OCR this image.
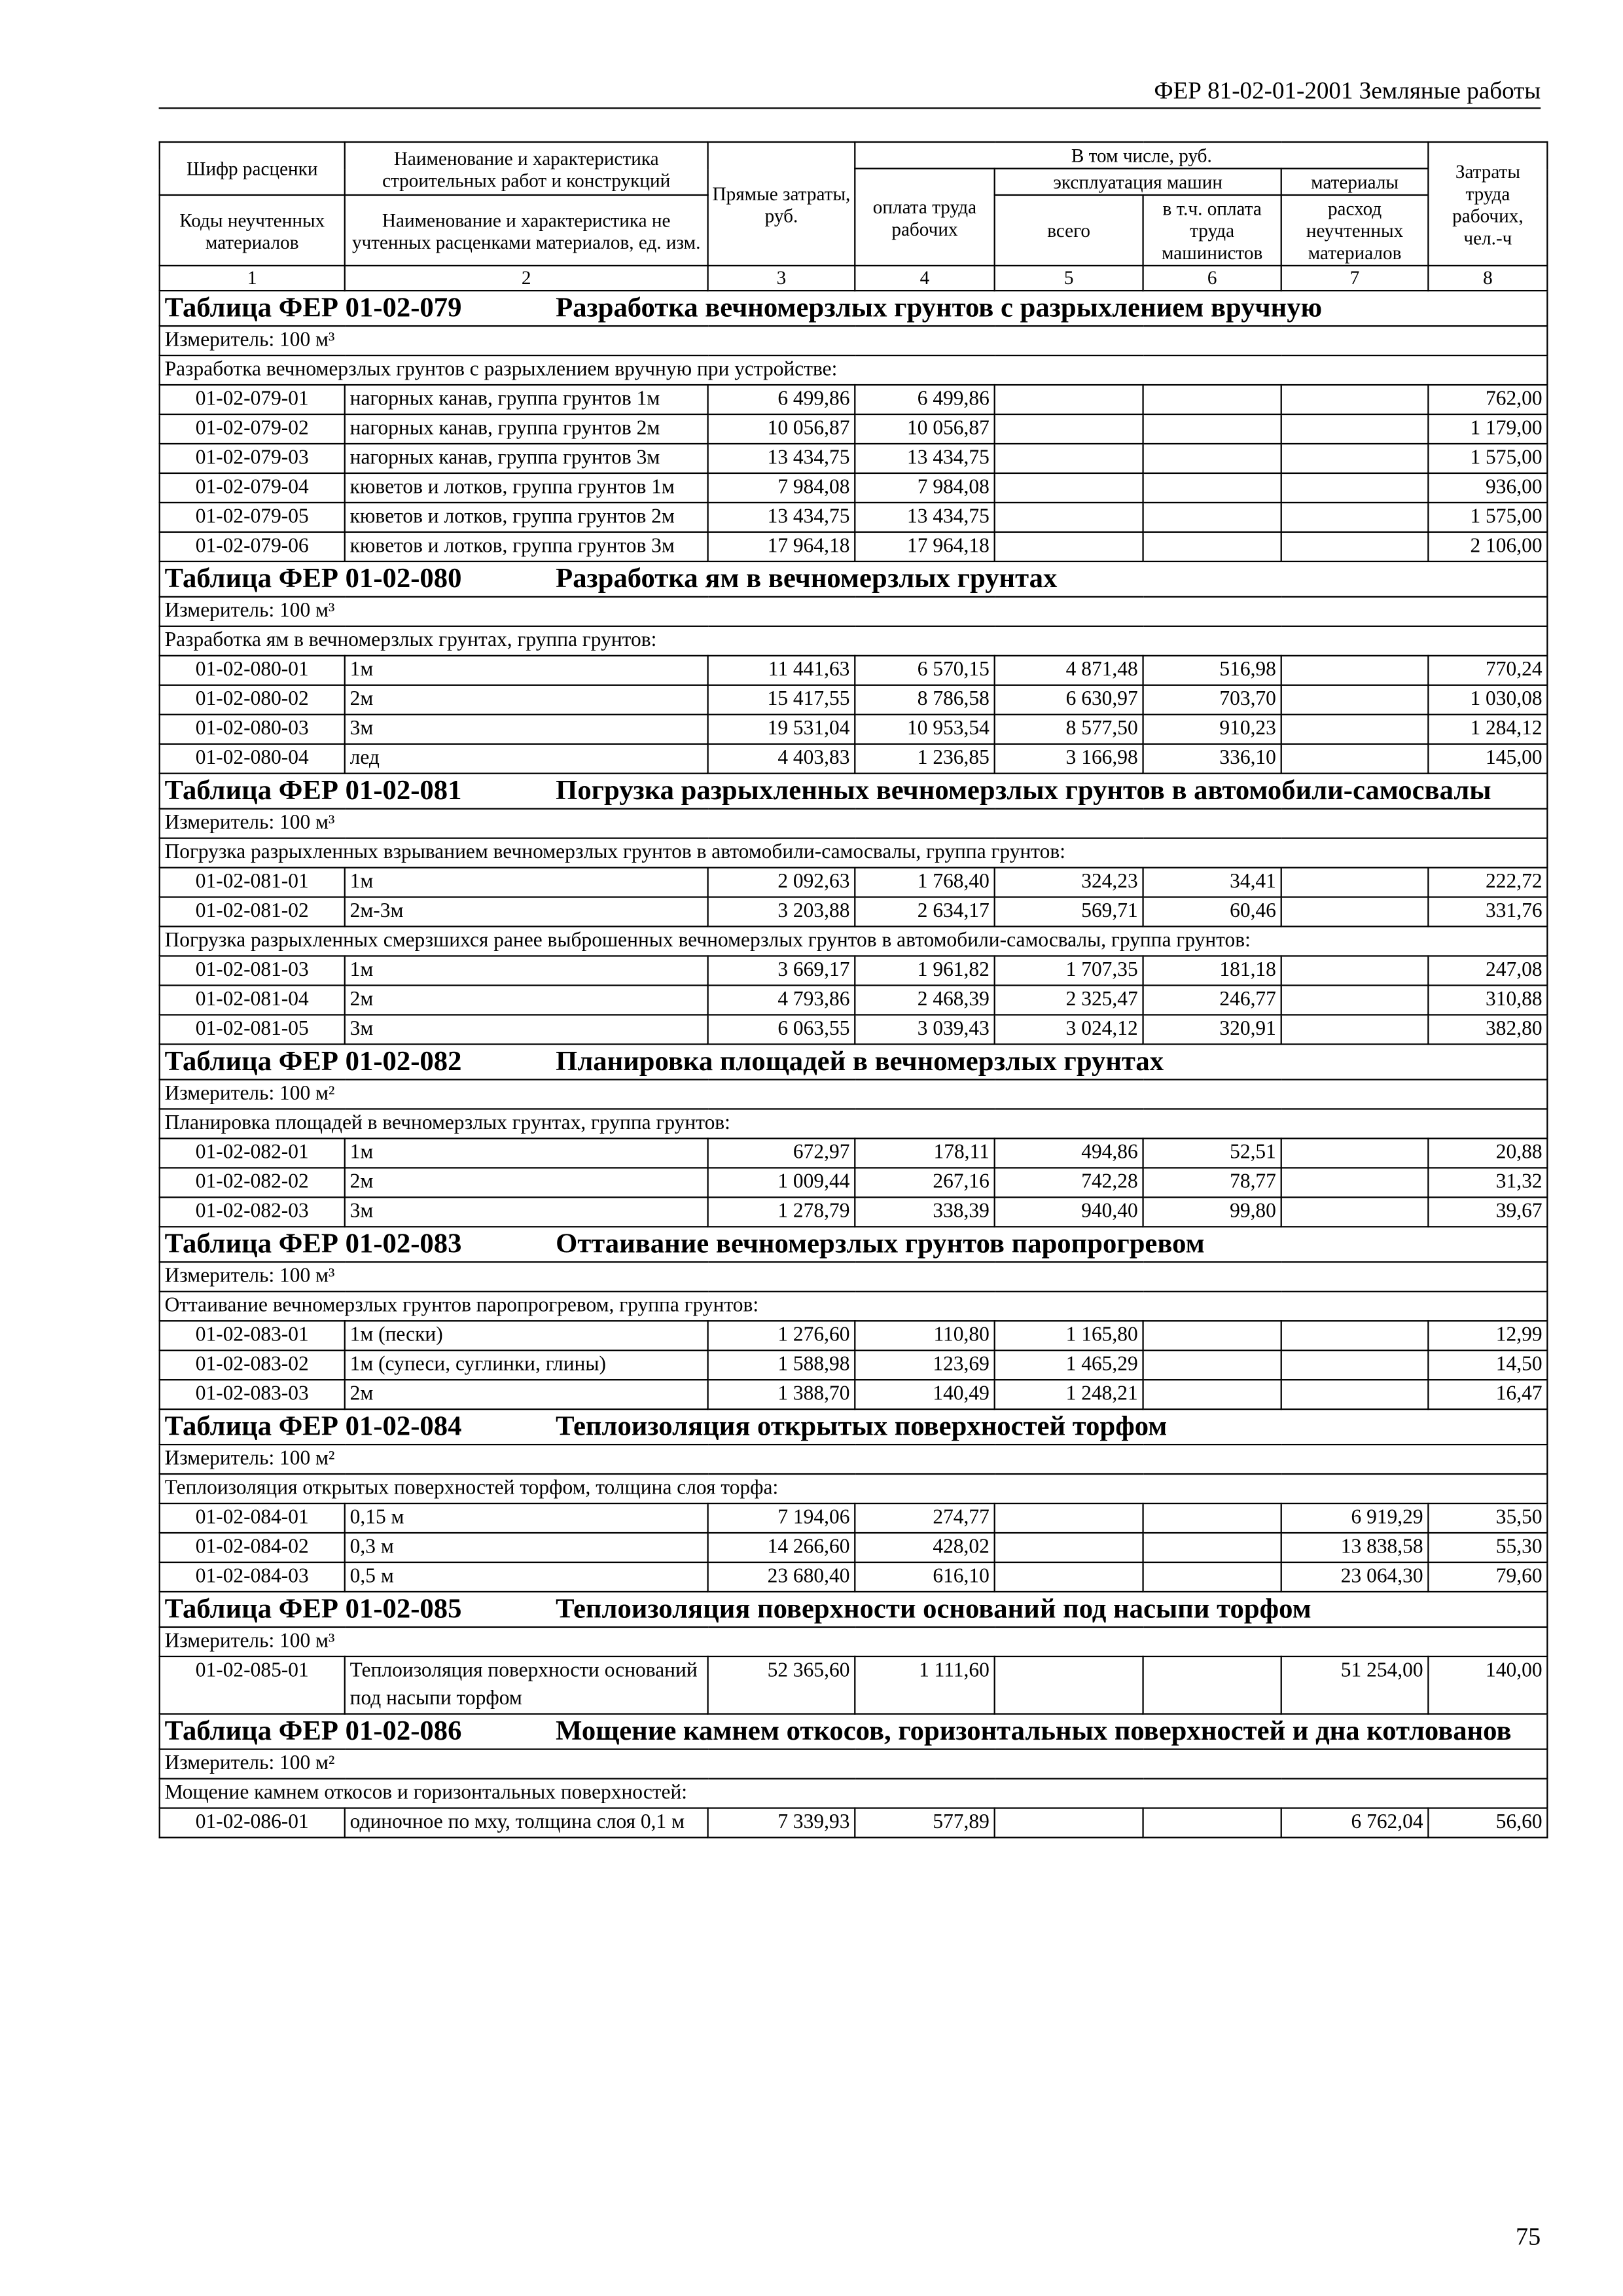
ФЕР 81-02-01-2001 Земляные работы
Шифр расценки	Наименование и характеристика строительных работ и конструкций	Прямые затраты, руб.	В том числе, руб.				Затраты труда рабочих, чел.-ч
			оплата труда рабочих	эксплуатация машин		материалы	
Коды неучтенных материалов	Наименование и характеристика не учтенных расценками материалов, ед. изм.			всего	в т.ч. оплата труда машинистов	расход неучтенных материалов	

1	2	3	4	5	6	7	8

Таблица ФЕР 01-02-079 Разработка вечномерзлых грунтов с разрыхлением вручную							

Измеритель: 100 м³							
Разработка вечномерзлых грунтов с разрыхлением вручную при устройстве:							
01-02-079-01	нагорных канав, группа грунтов 1м	6 499,86	6 499,86				762,00
01-02-079-02	нагорных канав, группа грунтов 2м	10 056,87	10 056,87				1 179,00
01-02-079-03	нагорных канав, группа грунтов 3м	13 434,75	13 434,75				1 575,00
01-02-079-04	кюветов и лотков, группа грунтов 1м	7 984,08	7 984,08				936,00
01-02-079-05	кюветов и лотков, группа грунтов 2м	13 434,75	13 434,75				1 575,00
01-02-079-06	кюветов и лотков, группа грунтов 3м	17 964,18	17 964,18				2 106,00

Таблица ФЕР 01-02-080 Разработка ям в вечномерзлых грунтах							

Измеритель: 100 м³							
Разработка ям в вечномерзлых грунтах, группа грунтов:							
01-02-080-01	1м	11 441,63	6 570,15	4 871,48	516,98		770,24
01-02-080-02	2м	15 417,55	8 786,58	6 630,97	703,70		1 030,08
01-02-080-03	3м	19 531,04	10 953,54	8 577,50	910,23		1 284,12
01-02-080-04	лед	4 403,83	1 236,85	3 166,98	336,10		145,00

Таблица ФЕР 01-02-081 Погрузка разрыхленных вечномерзлых грунтов в автомобили-самосвалы							

Измеритель: 100 м³							
Погрузка разрыхленных взрыванием вечномерзлых грунтов в автомобили-самосвалы, группа грунтов:							
01-02-081-01	1м	2 092,63	1 768,40	324,23	34,41		222,72
01-02-081-02	2м-3м	3 203,88	2 634,17	569,71	60,46		331,76
Погрузка разрыхленных смерзшихся ранее выброшенных вечномерзлых грунтов в автомобили-самосвалы, группа грунтов:							
01-02-081-03	1м	3 669,17	1 961,82	1 707,35	181,18		247,08
01-02-081-04	2м	4 793,86	2 468,39	2 325,47	246,77		310,88
01-02-081-05	3м	6 063,55	3 039,43	3 024,12	320,91		382,80

Таблица ФЕР 01-02-082 Планировка площадей в вечномерзлых грунтах							

Измеритель: 100 м²							
Планировка площадей в вечномерзлых грунтах, группа грунтов:							
01-02-082-01	1м	672,97	178,11	494,86	52,51		20,88
01-02-082-02	2м	1 009,44	267,16	742,28	78,77		31,32
01-02-082-03	3м	1 278,79	338,39	940,40	99,80		39,67

Таблица ФЕР 01-02-083 Оттаивание вечномерзлых грунтов паропрогревом							

Измеритель: 100 м³							
Оттаивание вечномерзлых грунтов паропрогревом, группа грунтов:							
01-02-083-01	1м (пески)	1 276,60	110,80	1 165,80			12,99
01-02-083-02	1м (супеси, суглинки, глины)	1 588,98	123,69	1 465,29			14,50
01-02-083-03	2м	1 388,70	140,49	1 248,21			16,47

Таблица ФЕР 01-02-084 Теплоизоляция открытых поверхностей торфом							

Измеритель: 100 м²							
Теплоизоляция открытых поверхностей торфом, толщина слоя торфа:							
01-02-084-01	0,15 м	7 194,06	274,77			6 919,29	35,50
01-02-084-02	0,3 м	14 266,60	428,02			13 838,58	55,30
01-02-084-03	0,5 м	23 680,40	616,10			23 064,30	79,60

Таблица ФЕР 01-02-085 Теплоизоляция поверхности оснований под насыпи торфом							

Измеритель: 100 м³							
01-02-085-01	Теплоизоляция поверхности оснований под насыпи торфом	52 365,60	1 111,60			51 254,00	140,00

Таблица ФЕР 01-02-086 Мощение камнем откосов, горизонтальных поверхностей и дна котлованов							

Измеритель: 100 м²							
Мощение камнем откосов и горизонтальных поверхностей:							
01-02-086-01	одиночное по мху, толщина слоя 0,1 м	7 339,93	577,89			6 762,04	56,60
75
